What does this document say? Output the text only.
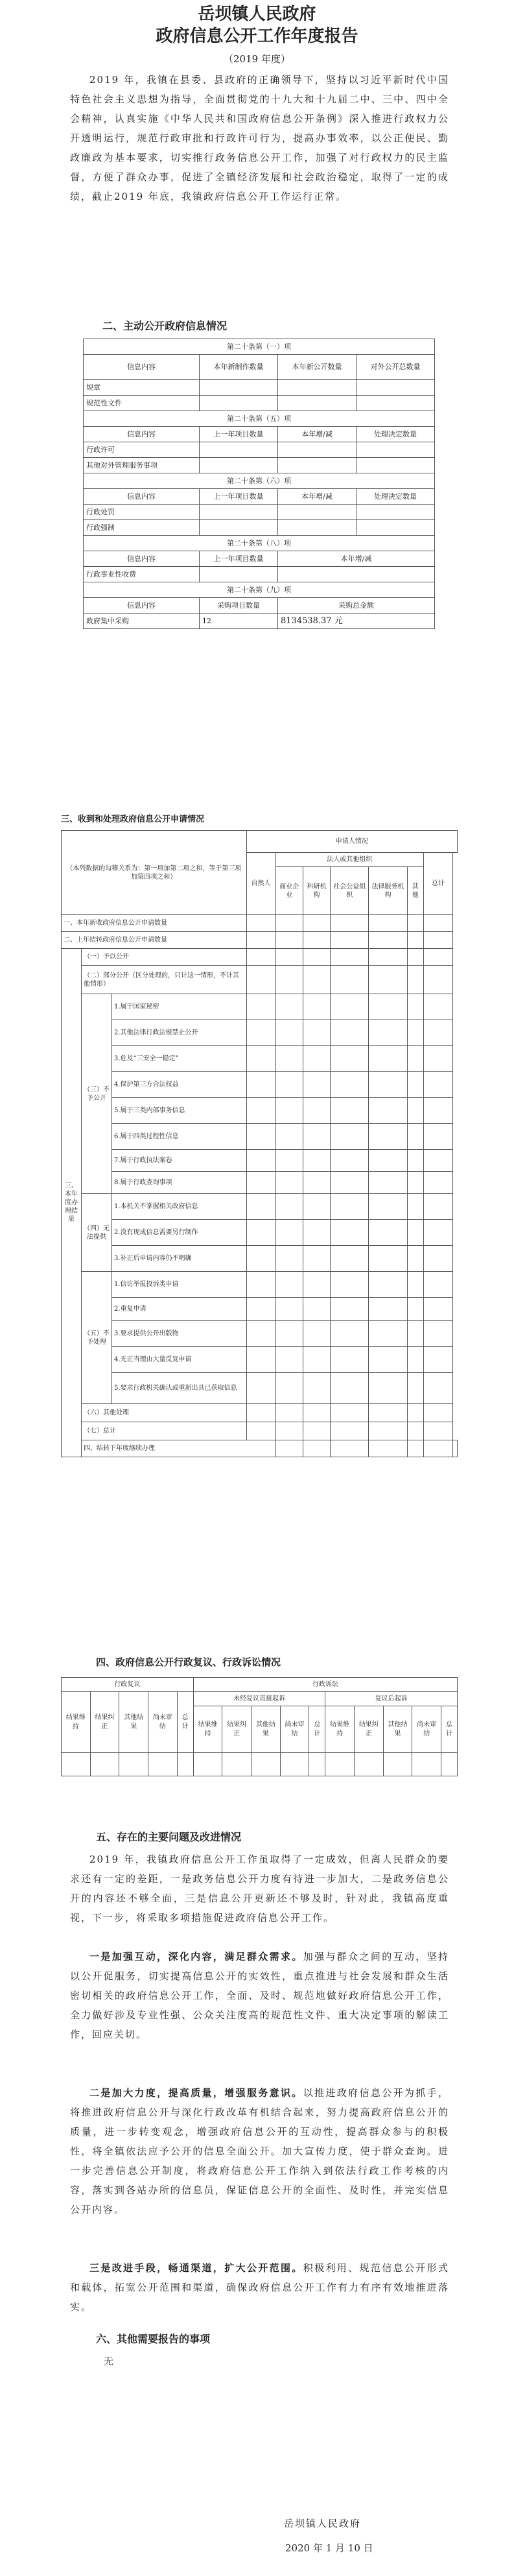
岳坝镇人民政府
政府信息公开工作年度报告
（2019 年度）

2019 年，我镇在县委、县政府的正确领导下，坚持以习近平新时代中国特色社会主义思想为指导，全面贯彻党的十九大和十九届二中、三中、四中全会精神，认真实施《中华人民共和国政府信息公开条例》深入推进行政权力公开透明运行，规范行政审批和行政许可行为，提高办事效率，以公正便民、勤政廉政为基本要求，切实推行政务信息公开工作，加强了对行政权力的民主监督，方便了群众办事，促进了全镇经济发展和社会政治稳定，取得了一定的成绩，截止2019 年底，我镇政府信息公开工作运行正常。

二、主动公开政府信息情况
第二十条第（一）项			
信息内容	本年新制作数量	本年新公开数量	对外公开总数量
规章			
规范性文件			
第二十条第（五）项			
信息内容	上一年项目数量	本年增/减	处理决定数量
行政许可			
其他对外管理服务事项			
第二十条第（六）项			
信息内容	上一年项目数量	本年增/减	处理决定数量
行政处罚			
行政强制			
第二十条第（八）项			
信息内容	上一年项目数量	本年增/减	
行政事业性收费			
第二十条第（九）项			
信息内容	采购项目数量	采购总金额	
政府集中采购	12	8134538.37 元	
三、收到和处理政府信息公开申请情况
（本列数据的勾稽关系为：第一项加第二项之和，等于第三项加第四项之和）			申请人情况							
			自然人	法人或其他组织					总计	
				商业企业	科研机构	社会公益组织	法律服务机构	其他		
一、本年新收政府信息公开申请数量										
二、上年结转政府信息公开申请数量										
三、本年度办理结果	（一）予以公开									
	（二）部分公开（区分处理的，只计这一情形，不计其他情形）									
	（三）不予公开	1.属于国家秘密								
		2.其他法律行政法规禁止公开								
		3.危及“三安全一稳定”								
		4.保护第三方合法权益								
		5.属于三类内部事务信息								
		6.属于四类过程性信息								
		7.属于行政执法案卷								
		8.属于行政查询事项								
	（四）无法提供	1.本机关不掌握相关政府信息								
		2.没有现成信息需要另行制作								
		3.补正后申请内容仍不明确								
	（五）不予处理	1.信访举报投诉类申请								
		2.重复申请								
		3.要求提供公开出版物								
		4.无正当理由大量反复申请								
		5.要求行政机关确认或重新出具已获取信息								
	（六）其他处理									
	（七）总计									
	四、结转下年度继续办理									
四、政府信息公开行政复议、行政诉讼情况
行政复议					行政诉讼									
结果维持	结果纠正	其他结果	尚未审结	总计	未经复议直接起诉					复议后起诉				
					结果维持	结果纠正	其他结果	尚未审结	总计	结果维持	结果纠正	其他结果	尚未审结	总计

五、存在的主要问题及改进情况

2019 年，我镇政府信息公开工作虽取得了一定成效，但离人民群众的要求还有一定的差距，一是政务信息公开力度有待进一步加大，二是政务信息公开的内容还不够全面，三是信息公开更新还不够及时，针对此，我镇高度重视，下一步，将采取多项措施促进政府信息公开工作。

一是加强互动，深化内容，满足群众需求。加强与群众之间的互动，坚持以公开促服务，切实提高信息公开的实效性，重点推进与社会发展和群众生活密切相关的政府信息公开工作，全面、及时、规范地做好政府信息公开工作，全力做好涉及专业性强、公众关注度高的规范性文件、重大决定事项的解读工作，回应关切。

二是加大力度，提高质量，增强服务意识。以推进政府信息公开为抓手，将推进政府信息公开与深化行政改革有机结合起来，努力提高政府信息公开的质量，进一步转变观念，增强政府信息公开的互动性，提高群众参与的积极性，将全镇依法应予公开的信息全面公开。加大宣传力度，使于群众查询。进一步完善信息公开制度，将政府信息公开工作纳入到依法行政工作考核的内容，落实到各站办所的信息员，保证信息公开的全面性、及时性，并完实信息公开内容。

三是改进手段，畅通渠道，扩大公开范围。积极利用、规范信息公开形式和载体，拓宽公开范围和渠道，确保政府信息公开工作有力有序有效地推进落实。

六、其他需要报告的事项
无
岳坝镇人民政府
2020 年 1 月 10 日
